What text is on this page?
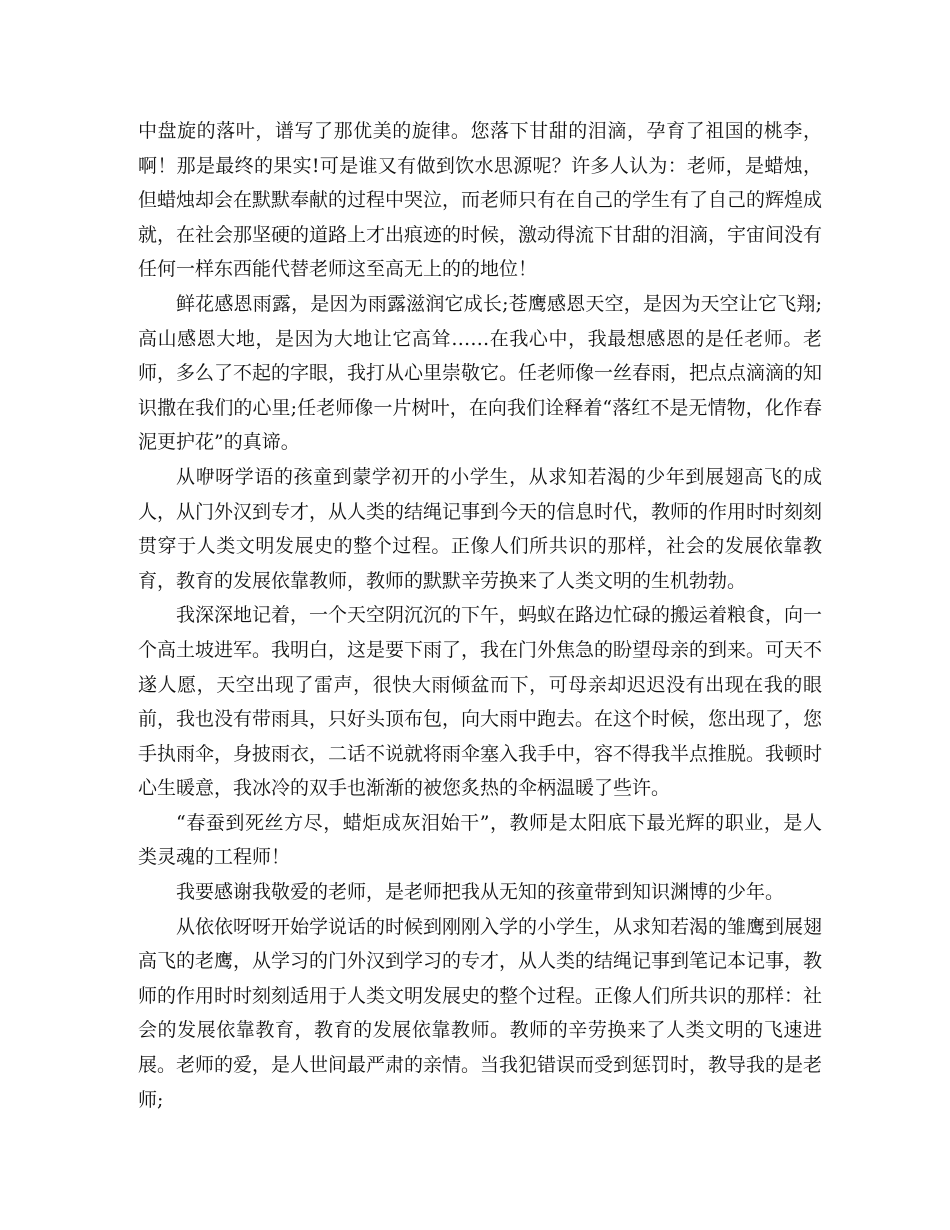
中盘旋的落叶，谱写了那优美的旋律。您落下甘甜的泪滴，孕育了祖国的桃李，啊！那是最终的果实!可是谁又有做到饮水思源呢？许多人认为：老师，是蜡烛，但蜡烛却会在默默奉献的过程中哭泣，而老师只有在自己的学生有了自己的辉煌成就，在社会那坚硬的道路上才出痕迹的时候，激动得流下甘甜的泪滴，宇宙间没有任何一样东西能代替老师这至高无上的的地位！

鲜花感恩雨露，是因为雨露滋润它成长;苍鹰感恩天空，是因为天空让它飞翔;高山感恩大地，是因为大地让它高耸……在我心中，我最想感恩的是任老师。老师，多么了不起的字眼，我打从心里崇敬它。任老师像一丝春雨，把点点滴滴的知识撒在我们的心里;任老师像一片树叶，在向我们诠释着“落红不是无情物，化作春泥更护花”的真谛。

从咿呀学语的孩童到蒙学初开的小学生，从求知若渴的少年到展翅高飞的成人，从门外汉到专才，从人类的结绳记事到今天的信息时代，教师的作用时时刻刻贯穿于人类文明发展史的整个过程。正像人们所共识的那样，社会的发展依靠教育，教育的发展依靠教师，教师的默默辛劳换来了人类文明的生机勃勃。

我深深地记着，一个天空阴沉沉的下午，蚂蚁在路边忙碌的搬运着粮食，向一个高土坡进军。我明白，这是要下雨了，我在门外焦急的盼望母亲的到来。可天不遂人愿，天空出现了雷声，很快大雨倾盆而下，可母亲却迟迟没有出现在我的眼前，我也没有带雨具，只好头顶布包，向大雨中跑去。在这个时候，您出现了，您手执雨伞，身披雨衣，二话不说就将雨伞塞入我手中，容不得我半点推脱。我顿时心生暖意，我冰冷的双手也渐渐的被您炙热的伞柄温暖了些许。

“春蚕到死丝方尽，蜡炬成灰泪始干”，教师是太阳底下最光辉的职业，是人类灵魂的工程师！

我要感谢我敬爱的老师，是老师把我从无知的孩童带到知识渊博的少年。

从依依呀呀开始学说话的时候到刚刚入学的小学生，从求知若渴的雏鹰到展翅高飞的老鹰，从学习的门外汉到学习的专才，从人类的结绳记事到笔记本记事，教师的作用时时刻刻适用于人类文明发展史的整个过程。正像人们所共识的那样：社会的发展依靠教育，教育的发展依靠教师。教师的辛劳换来了人类文明的飞速进展。老师的爱，是人世间最严肃的亲情。当我犯错误而受到惩罚时，教导我的是老师;
